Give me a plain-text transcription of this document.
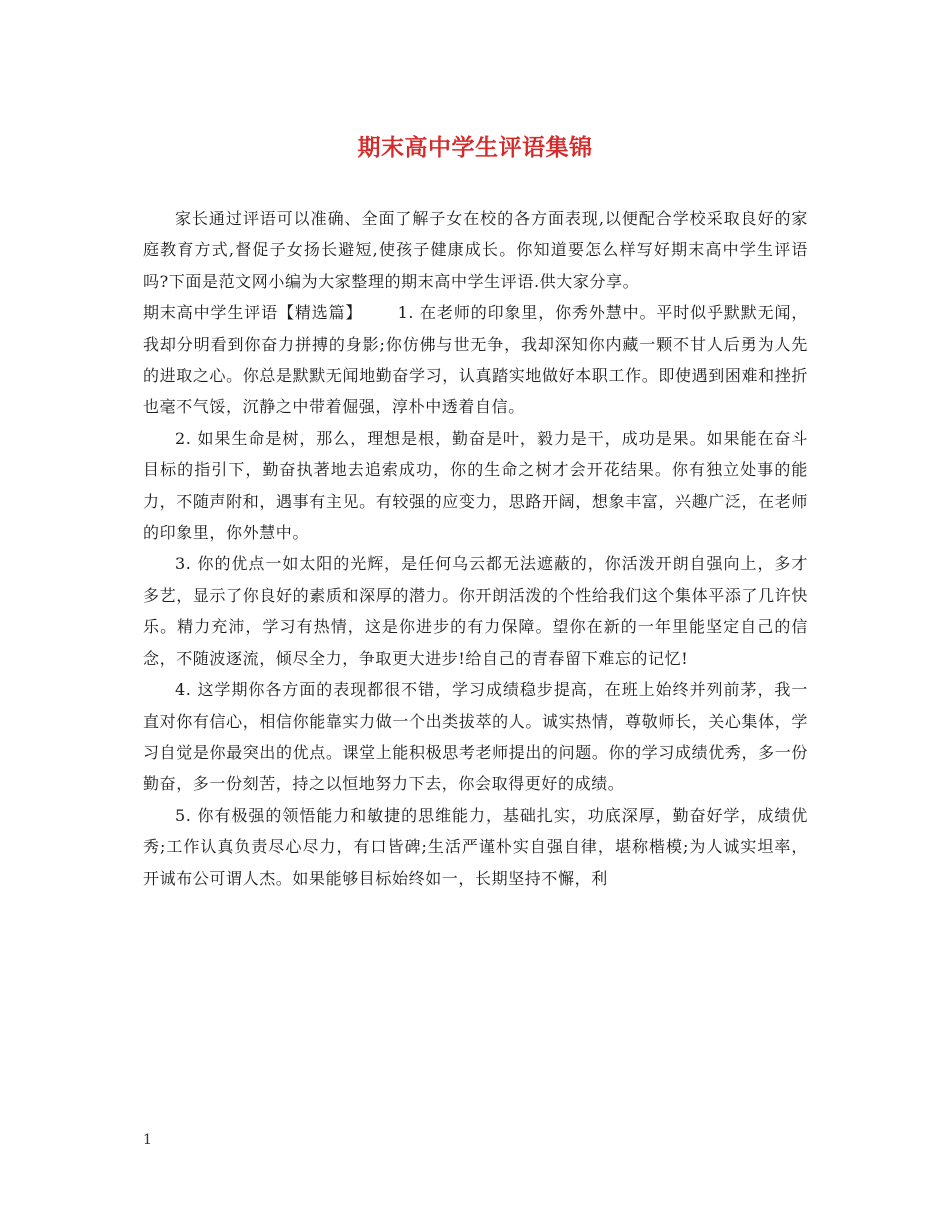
期末高中学生评语集锦

家长通过评语可以准确、全面了解子女在校的各方面表现,以便配合学校采取良好的家庭教育方式,督促子女扬长避短,使孩子健康成长。你知道要怎么样写好期末高中学生评语吗?下面是范文网小编为大家整理的期末高中学生评语.供大家分享。

期末高中学生评语【精选篇】 1. 在老师的印象里，你秀外慧中。平时似乎默默无闻，我却分明看到你奋力拼搏的身影;你仿佛与世无争，我却深知你内藏一颗不甘人后勇为人先的进取之心。你总是默默无闻地勤奋学习，认真踏实地做好本职工作。即使遇到困难和挫折也毫不气馁，沉静之中带着倔强，淳朴中透着自信。

2. 如果生命是树，那么，理想是根，勤奋是叶，毅力是干，成功是果。如果能在奋斗目标的指引下，勤奋执著地去追索成功，你的生命之树才会开花结果。你有独立处事的能力，不随声附和，遇事有主见。有较强的应变力，思路开阔，想象丰富，兴趣广泛，在老师的印象里，你外慧中。

3. 你的优点一如太阳的光辉，是任何乌云都无法遮蔽的，你活泼开朗自强向上，多才多艺，显示了你良好的素质和深厚的潜力。你开朗活泼的个性给我们这个集体平添了几许快乐。精力充沛，学习有热情，这是你进步的有力保障。望你在新的一年里能坚定自己的信念，不随波逐流，倾尽全力，争取更大进步!给自己的青春留下难忘的记忆!

4. 这学期你各方面的表现都很不错，学习成绩稳步提高，在班上始终并列前茅，我一直对你有信心，相信你能靠实力做一个出类拔萃的人。诚实热情，尊敬师长，关心集体，学习自觉是你最突出的优点。课堂上能积极思考老师提出的问题。你的学习成绩优秀，多一份勤奋，多一份刻苦，持之以恒地努力下去，你会取得更好的成绩。

5. 你有极强的领悟能力和敏捷的思维能力，基础扎实，功底深厚，勤奋好学，成绩优秀;工作认真负责尽心尽力，有口皆碑;生活严谨朴实自强自律，堪称楷模;为人诚实坦率，开诚布公可谓人杰。如果能够目标始终如一，长期坚持不懈，利

1
